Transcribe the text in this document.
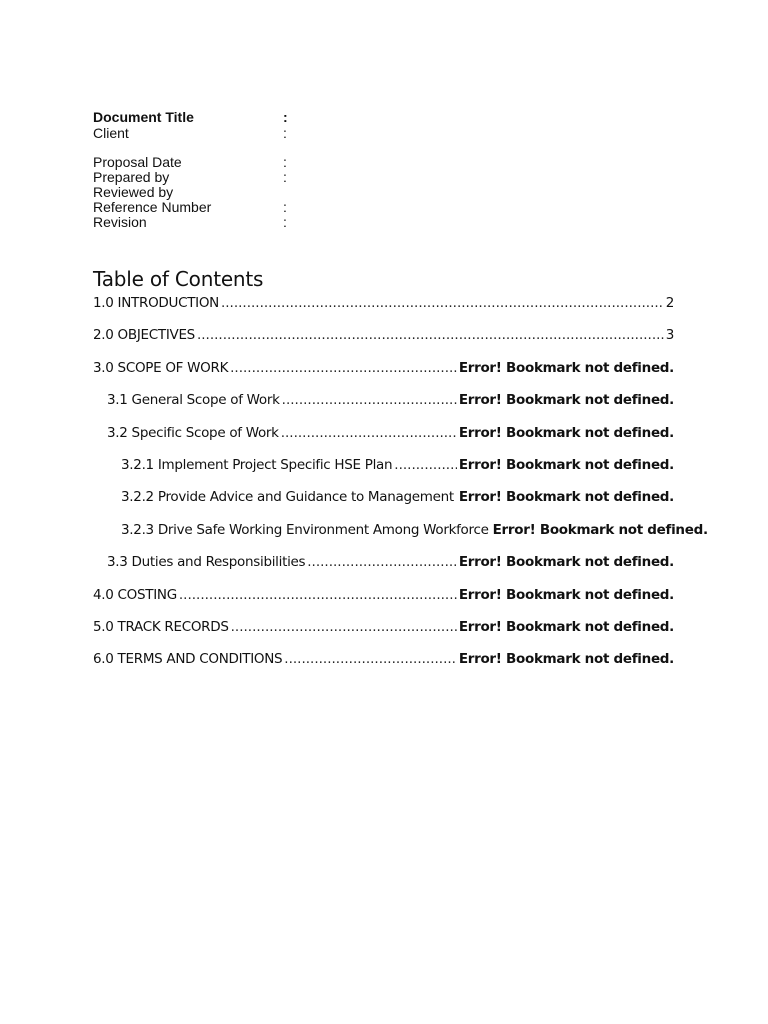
Document Title	:
Client	:
Proposal Date	:
Prepared by	:
Reviewed by
Reference Number	:
Revision	:
Table of Contents
1.0 INTRODUCTION .....	2
2.0 OBJECTIVES .....	3
3.0 SCOPE OF WORK .....	Error! Bookmark not defined.
3.1 General Scope of Work .....	Error! Bookmark not defined.
3.2 Specific Scope of Work .....	Error! Bookmark not defined.
3.2.1 Implement Project Specific HSE Plan .....	Error! Bookmark not defined.
3.2.2 Provide Advice and Guidance to Management ..... Error! Bookmark not defined.
3.2.3 Drive Safe Working Environment Among Workforce Error! Bookmark not defined.
3.3 Duties and Responsibilities .....	Error! Bookmark not defined.
4.0 COSTING .....	Error! Bookmark not defined.
5.0 TRACK RECORDS .....	Error! Bookmark not defined.
6.0 TERMS AND CONDITIONS .....	Error! Bookmark not defined.
